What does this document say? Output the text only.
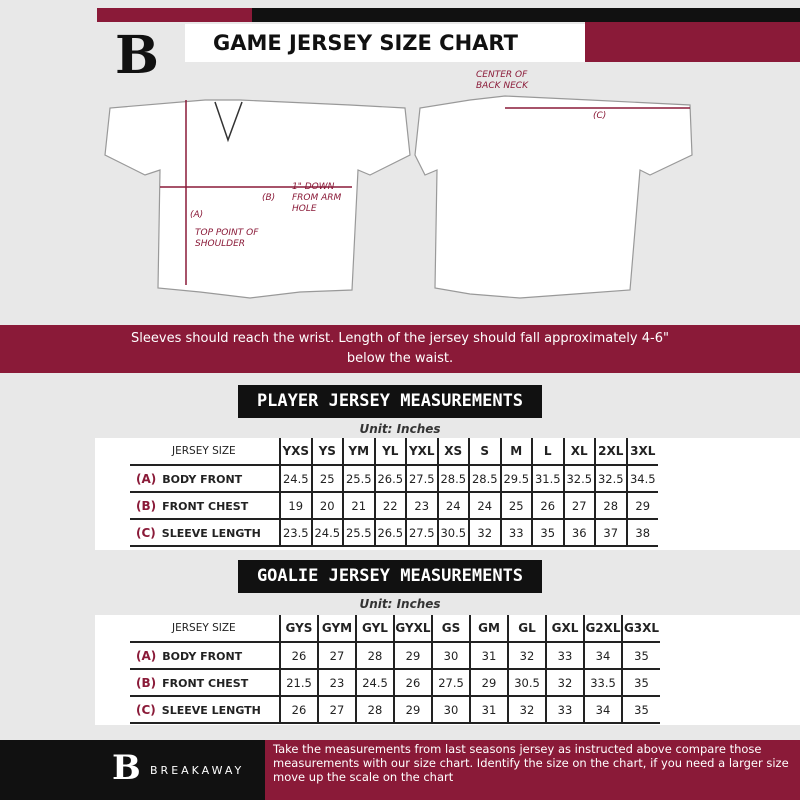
B	GAME JERSEY SIZE CHART
CENTER OF BACK NECK
(C)
(B)
1" DOWN FROM ARM HOLE
(A)
TOP POINT OF SHOULDER
Sleeves should reach the wrist. Length of the jersey should fall approximately 4-6" below the waist.
PLAYER JERSEY MEASUREMENTS
Unit: Inches
JERSEY SIZE	YXS	YS	YM	YL	YXL	XS	S	M	L	XL	2XL	3XL
(A) BODY FRONT	24.5	25	25.5	26.5	27.5	28.5	28.5	29.5	31.5	32.5	32.5	34.5
(B) FRONT CHEST	19	20	21	22	23	24	24	25	26	27	28	29
(C) SLEEVE LENGTH	23.5	24.5	25.5	26.5	27.5	30.5	32	33	35	36	37	38
GOALIE JERSEY MEASUREMENTS
Unit: Inches
JERSEY SIZE	GYS	GYM	GYL	GYXL	GS	GM	GL	GXL	G2XL	G3XL
(A) BODY FRONT	26	27	28	29	30	31	32	33	34	35
(B) FRONT CHEST	21.5	23	24.5	26	27.5	29	30.5	32	33.5	35
(C) SLEEVE LENGTH	26	27	28	29	30	31	32	33	34	35
B BREAKAWAY
Take the measurements from last seasons jersey as instructed above compare those measurements with our size chart. Identify the size on the chart, if you need a larger size move up the scale on the chart
